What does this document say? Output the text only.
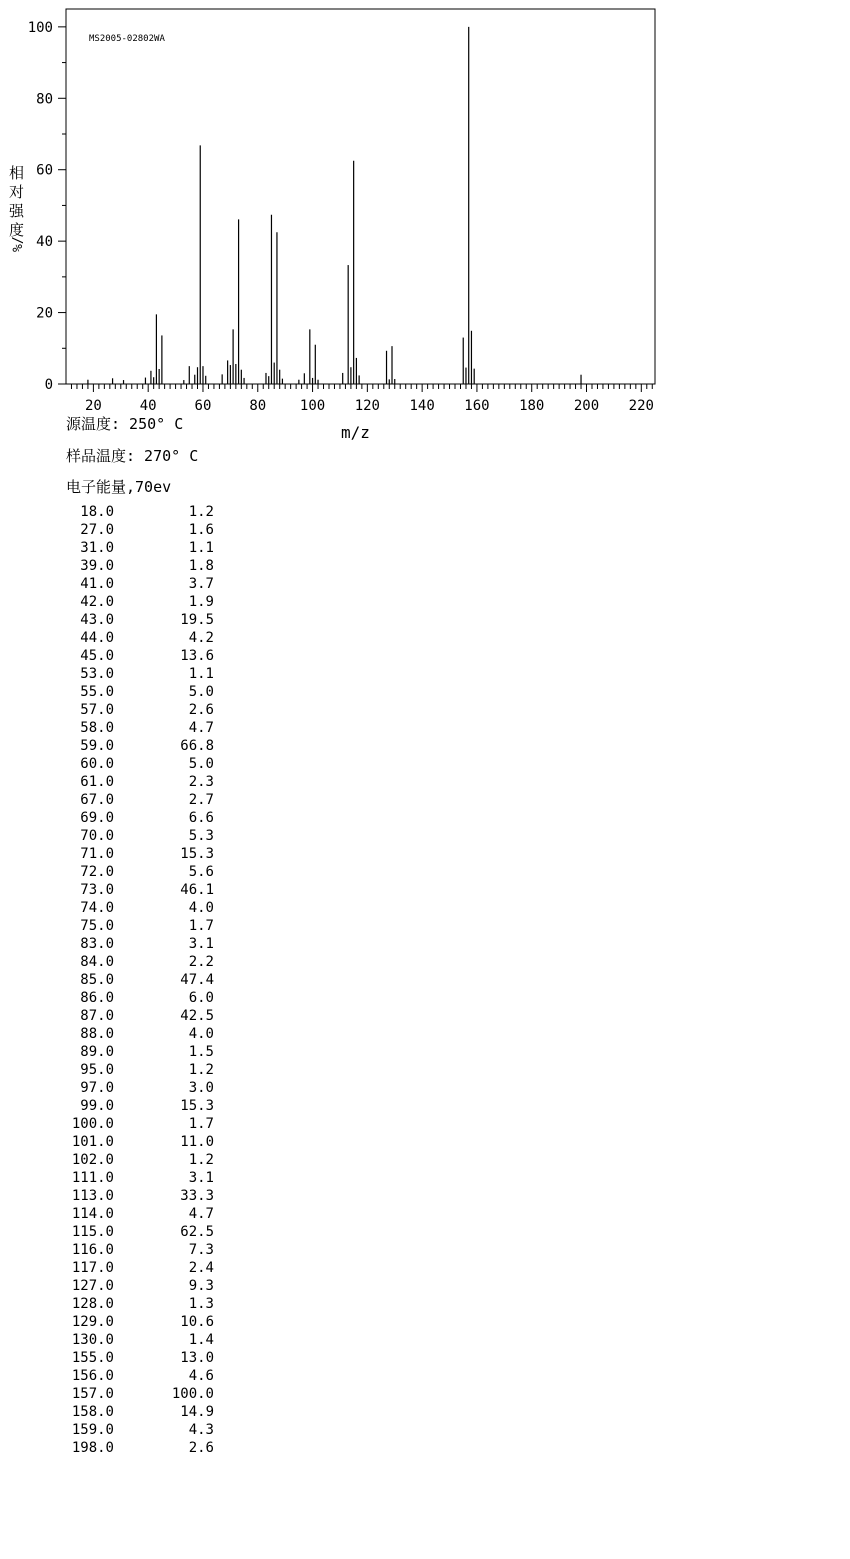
MS2005-02802WA
0
20
40
60
80
100
20	40	60	80 100 120 140 160 180 200 220
m/z
相
对
强
度
%/
源温度: 250° C
样品温度: 270° C
电子能量,70ev
18.0	1.2
27.0	1.6
31.0	1.1
39.0	1.8
41.0	3.7
42.0	1.9
43.0	19.5
44.0	4.2
45.0	13.6
53.0	1.1
55.0	5.0
57.0	2.6
58.0	4.7
59.0	66.8
60.0	5.0
61.0	2.3
67.0	2.7
69.0	6.6
70.0	5.3
71.0	15.3
72.0	5.6
73.0	46.1
74.0	4.0
75.0	1.7
83.0	3.1
84.0	2.2
85.0	47.4
86.0	6.0
87.0	42.5
88.0	4.0
89.0	1.5
95.0	1.2
97.0	3.0
99.0	15.3
100.0	1.7
101.0	11.0
102.0	1.2
111.0	3.1
113.0	33.3
114.0	4.7
115.0	62.5
116.0	7.3
117.0	2.4
127.0	9.3
128.0	1.3
129.0	10.6
130.0	1.4
155.0	13.0
156.0	4.6
157.0	100.0
158.0	14.9
159.0	4.3
198.0	2.6
